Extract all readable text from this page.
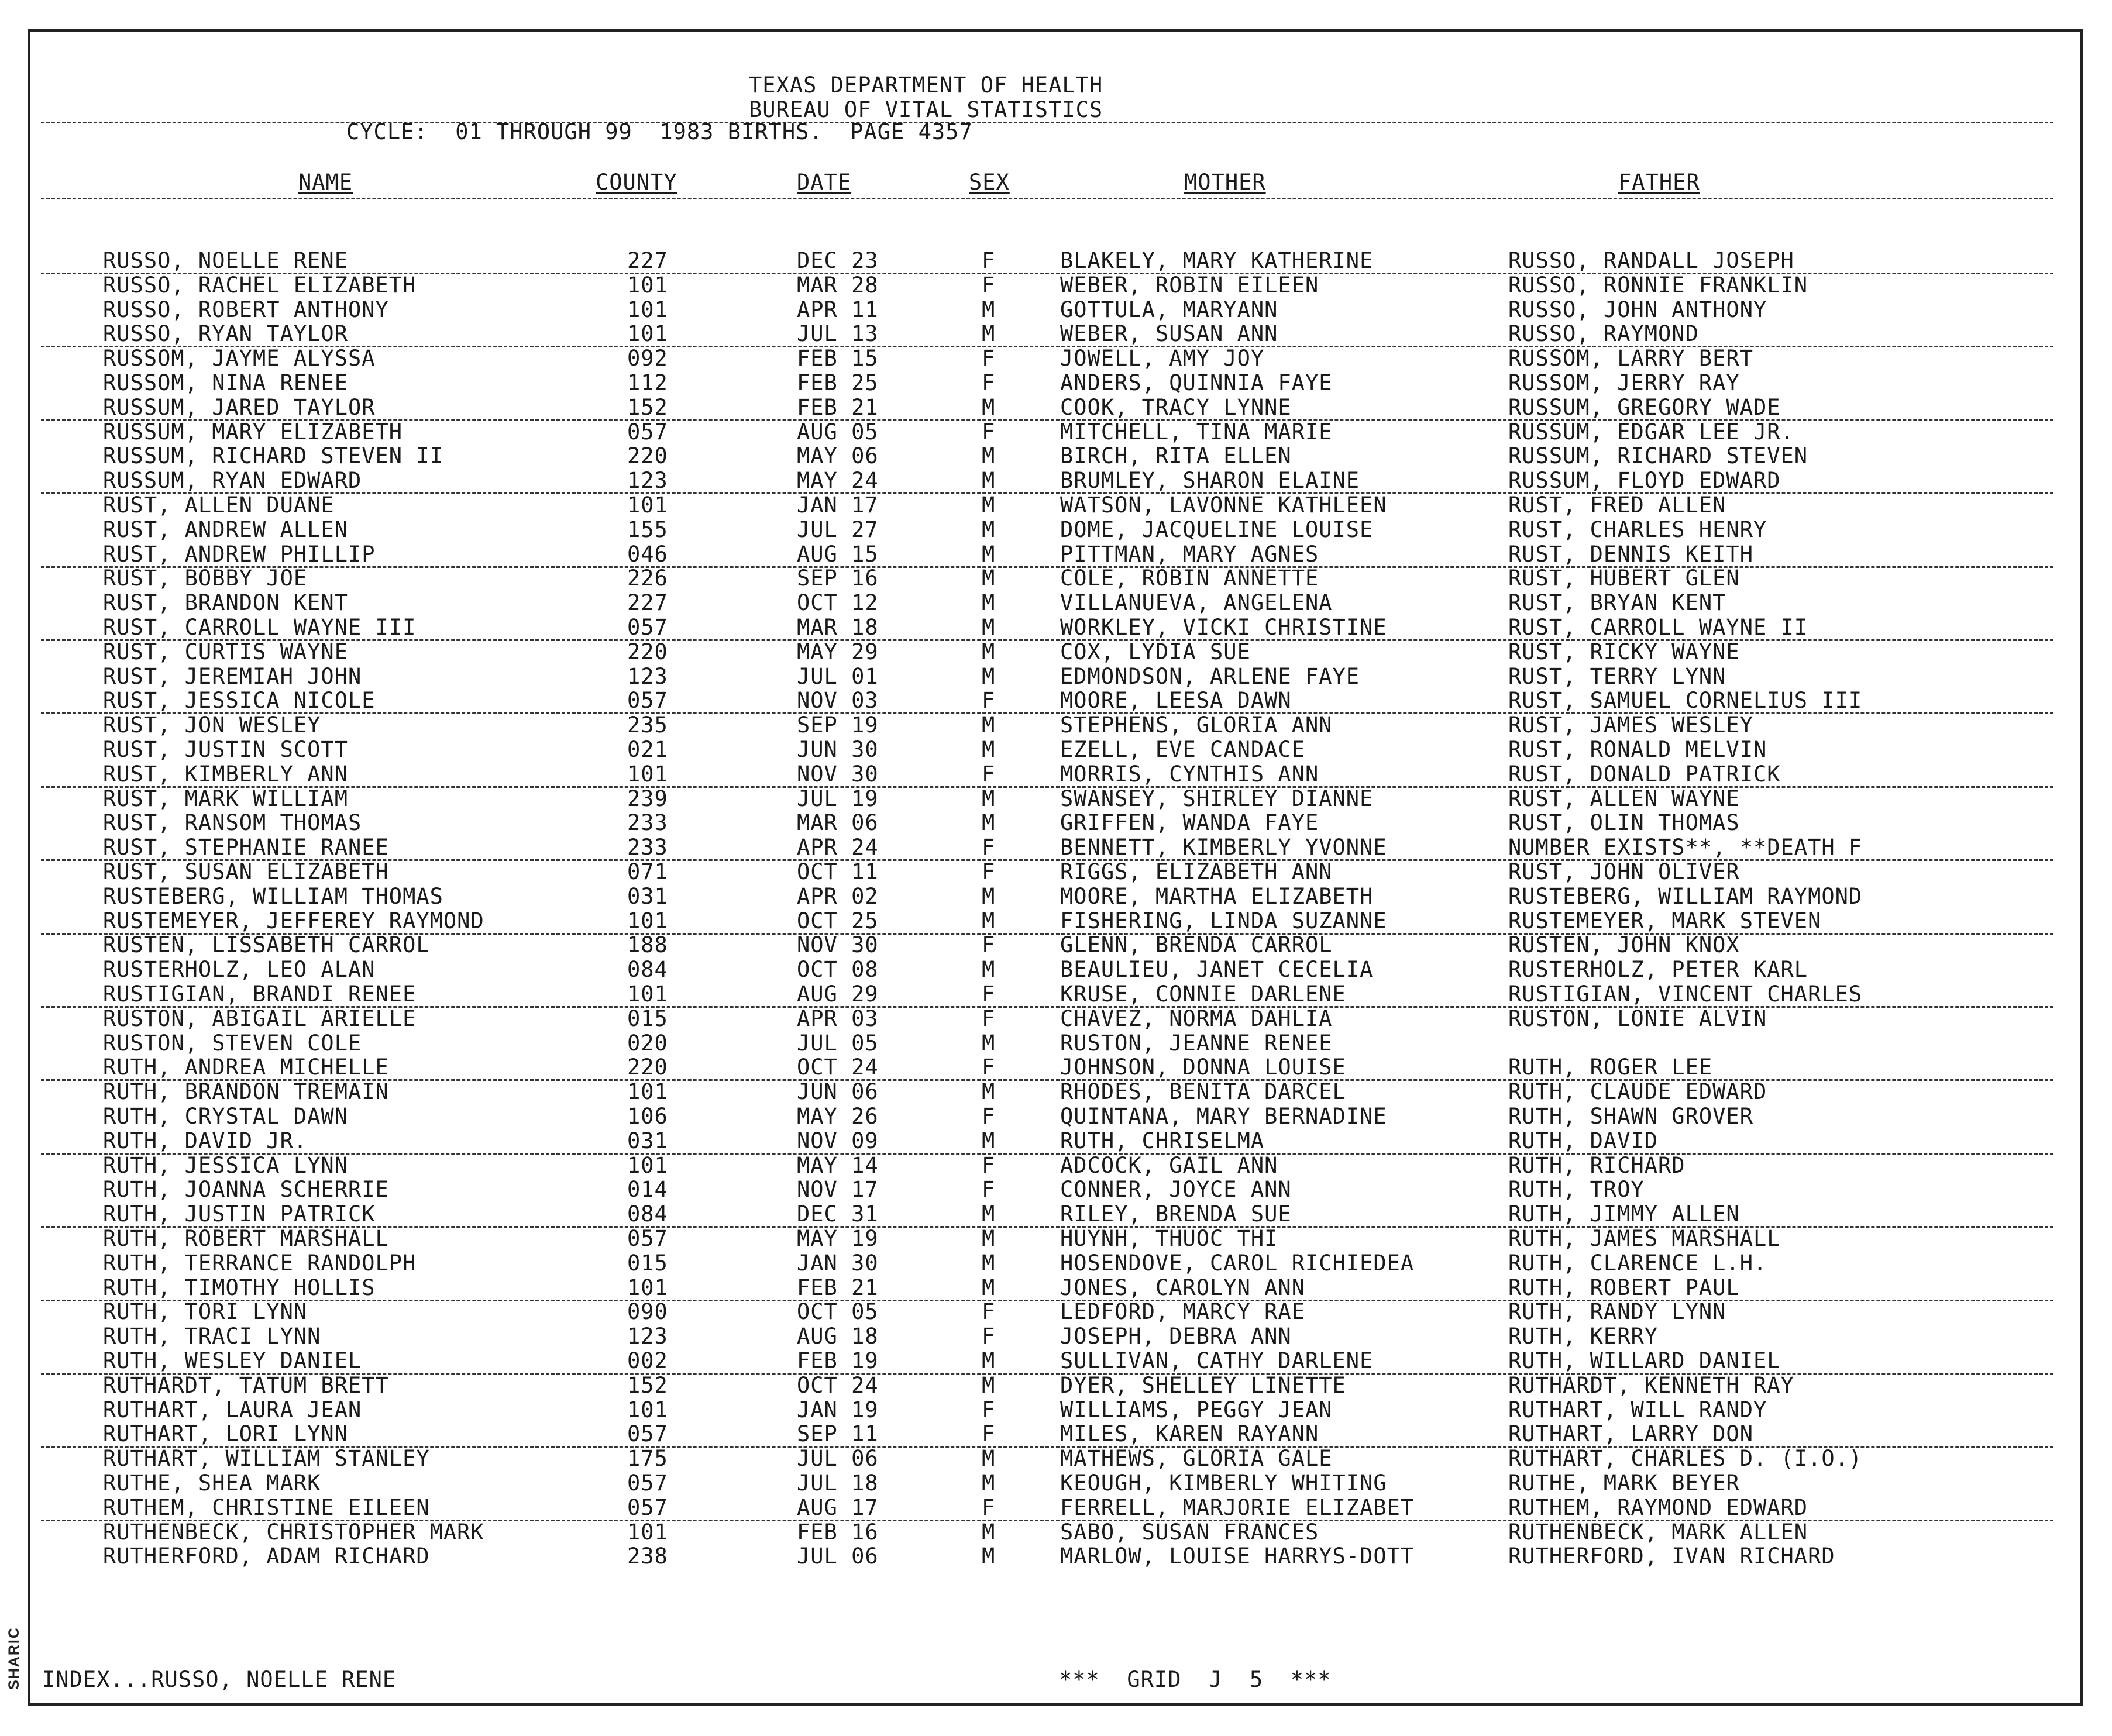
SHARIC
TEXAS DEPARTMENT OF HEALTH
BUREAU OF VITAL STATISTICS
CYCLE:  01 THROUGH 99  1983 BIRTHS.  PAGE 4357
NAME	COUNTY	DATE	SEX	MOTHER	FATHER
RUSSO, NOELLE RENE	227	DEC 23	F	BLAKELY, MARY KATHERINE	RUSSO, RANDALL JOSEPH
RUSSO, RACHEL ELIZABETH	101	MAR 28	F	WEBER, ROBIN EILEEN	RUSSO, RONNIE FRANKLIN
RUSSO, ROBERT ANTHONY	101	APR 11	M	GOTTULA, MARYANN	RUSSO, JOHN ANTHONY
RUSSO, RYAN TAYLOR	101	JUL 13	M	WEBER, SUSAN ANN	RUSSO, RAYMOND
RUSSOM, JAYME ALYSSA	092	FEB 15	F	JOWELL, AMY JOY	RUSSOM, LARRY BERT
RUSSOM, NINA RENEE	112	FEB 25	F	ANDERS, QUINNIA FAYE	RUSSOM, JERRY RAY
RUSSUM, JARED TAYLOR	152	FEB 21	M	COOK, TRACY LYNNE	RUSSUM, GREGORY WADE
RUSSUM, MARY ELIZABETH	057	AUG 05	F	MITCHELL, TINA MARIE	RUSSUM, EDGAR LEE JR.
RUSSUM, RICHARD STEVEN II	220	MAY 06	M	BIRCH, RITA ELLEN	RUSSUM, RICHARD STEVEN
RUSSUM, RYAN EDWARD	123	MAY 24	M	BRUMLEY, SHARON ELAINE	RUSSUM, FLOYD EDWARD
RUST, ALLEN DUANE	101	JAN 17	M	WATSON, LAVONNE KATHLEEN	RUST, FRED ALLEN
RUST, ANDREW ALLEN	155	JUL 27	M	DOME, JACQUELINE LOUISE	RUST, CHARLES HENRY
RUST, ANDREW PHILLIP	046	AUG 15	M	PITTMAN, MARY AGNES	RUST, DENNIS KEITH
RUST, BOBBY JOE	226	SEP 16	M	COLE, ROBIN ANNETTE	RUST, HUBERT GLEN
RUST, BRANDON KENT	227	OCT 12	M	VILLANUEVA, ANGELENA	RUST, BRYAN KENT
RUST, CARROLL WAYNE III	057	MAR 18	M	WORKLEY, VICKI CHRISTINE	RUST, CARROLL WAYNE II
RUST, CURTIS WAYNE	220	MAY 29	M	COX, LYDIA SUE	RUST, RICKY WAYNE
RUST, JEREMIAH JOHN	123	JUL 01	M	EDMONDSON, ARLENE FAYE	RUST, TERRY LYNN
RUST, JESSICA NICOLE	057	NOV 03	F	MOORE, LEESA DAWN	RUST, SAMUEL CORNELIUS III
RUST, JON WESLEY	235	SEP 19	M	STEPHENS, GLORIA ANN	RUST, JAMES WESLEY
RUST, JUSTIN SCOTT	021	JUN 30	M	EZELL, EVE CANDACE	RUST, RONALD MELVIN
RUST, KIMBERLY ANN	101	NOV 30	F	MORRIS, CYNTHIS ANN	RUST, DONALD PATRICK
RUST, MARK WILLIAM	239	JUL 19	M	SWANSEY, SHIRLEY DIANNE	RUST, ALLEN WAYNE
RUST, RANSOM THOMAS	233	MAR 06	M	GRIFFEN, WANDA FAYE	RUST, OLIN THOMAS
RUST, STEPHANIE RANEE	233	APR 24	F	BENNETT, KIMBERLY YVONNE	NUMBER EXISTS**, **DEATH F
RUST, SUSAN ELIZABETH	071	OCT 11	F	RIGGS, ELIZABETH ANN	RUST, JOHN OLIVER
RUSTEBERG, WILLIAM THOMAS	031	APR 02	M	MOORE, MARTHA ELIZABETH	RUSTEBERG, WILLIAM RAYMOND
RUSTEMEYER, JEFFEREY RAYMOND	101	OCT 25	M	FISHERING, LINDA SUZANNE	RUSTEMEYER, MARK STEVEN
RUSTEN, LISSABETH CARROL	188	NOV 30	F	GLENN, BRENDA CARROL	RUSTEN, JOHN KNOX
RUSTERHOLZ, LEO ALAN	084	OCT 08	M	BEAULIEU, JANET CECELIA	RUSTERHOLZ, PETER KARL
RUSTIGIAN, BRANDI RENEE	101	AUG 29	F	KRUSE, CONNIE DARLENE	RUSTIGIAN, VINCENT CHARLES
RUSTON, ABIGAIL ARIELLE	015	APR 03	F	CHAVEZ, NORMA DAHLIA	RUSTON, LONIE ALVIN
RUSTON, STEVEN COLE	020	JUL 05	M	RUSTON, JEANNE RENEE
RUTH, ANDREA MICHELLE	220	OCT 24	F	JOHNSON, DONNA LOUISE	RUTH, ROGER LEE
RUTH, BRANDON TREMAIN	101	JUN 06	M	RHODES, BENITA DARCEL	RUTH, CLAUDE EDWARD
RUTH, CRYSTAL DAWN	106	MAY 26	F	QUINTANA, MARY BERNADINE	RUTH, SHAWN GROVER
RUTH, DAVID JR.	031	NOV 09	M	RUTH, CHRISELMA	RUTH, DAVID
RUTH, JESSICA LYNN	101	MAY 14	F	ADCOCK, GAIL ANN	RUTH, RICHARD
RUTH, JOANNA SCHERRIE	014	NOV 17	F	CONNER, JOYCE ANN	RUTH, TROY
RUTH, JUSTIN PATRICK	084	DEC 31	M	RILEY, BRENDA SUE	RUTH, JIMMY ALLEN
RUTH, ROBERT MARSHALL	057	MAY 19	M	HUYNH, THUOC THI	RUTH, JAMES MARSHALL
RUTH, TERRANCE RANDOLPH	015	JAN 30	M	HOSENDOVE, CAROL RICHIEDEA	RUTH, CLARENCE L.H.
RUTH, TIMOTHY HOLLIS	101	FEB 21	M	JONES, CAROLYN ANN	RUTH, ROBERT PAUL
RUTH, TORI LYNN	090	OCT 05	F	LEDFORD, MARCY RAE	RUTH, RANDY LYNN
RUTH, TRACI LYNN	123	AUG 18	F	JOSEPH, DEBRA ANN	RUTH, KERRY
RUTH, WESLEY DANIEL	002	FEB 19	M	SULLIVAN, CATHY DARLENE	RUTH, WILLARD DANIEL
RUTHARDT, TATUM BRETT	152	OCT 24	M	DYER, SHELLEY LINETTE	RUTHARDT, KENNETH RAY
RUTHART, LAURA JEAN	101	JAN 19	F	WILLIAMS, PEGGY JEAN	RUTHART, WILL RANDY
RUTHART, LORI LYNN	057	SEP 11	F	MILES, KAREN RAYANN	RUTHART, LARRY DON
RUTHART, WILLIAM STANLEY	175	JUL 06	M	MATHEWS, GLORIA GALE	RUTHART, CHARLES D. (I.O.)
RUTHE, SHEA MARK	057	JUL 18	M	KEOUGH, KIMBERLY WHITING	RUTHE, MARK BEYER
RUTHEM, CHRISTINE EILEEN	057	AUG 17	F	FERRELL, MARJORIE ELIZABET	RUTHEM, RAYMOND EDWARD
RUTHENBECK, CHRISTOPHER MARK	101	FEB 16	M	SABO, SUSAN FRANCES	RUTHENBECK, MARK ALLEN
RUTHERFORD, ADAM RICHARD	238	JUL 06	M	MARLOW, LOUISE HARRYS-DOTT	RUTHERFORD, IVAN RICHARD
INDEX...RUSSO, NOELLE RENE	***  GRID  J  5  ***
